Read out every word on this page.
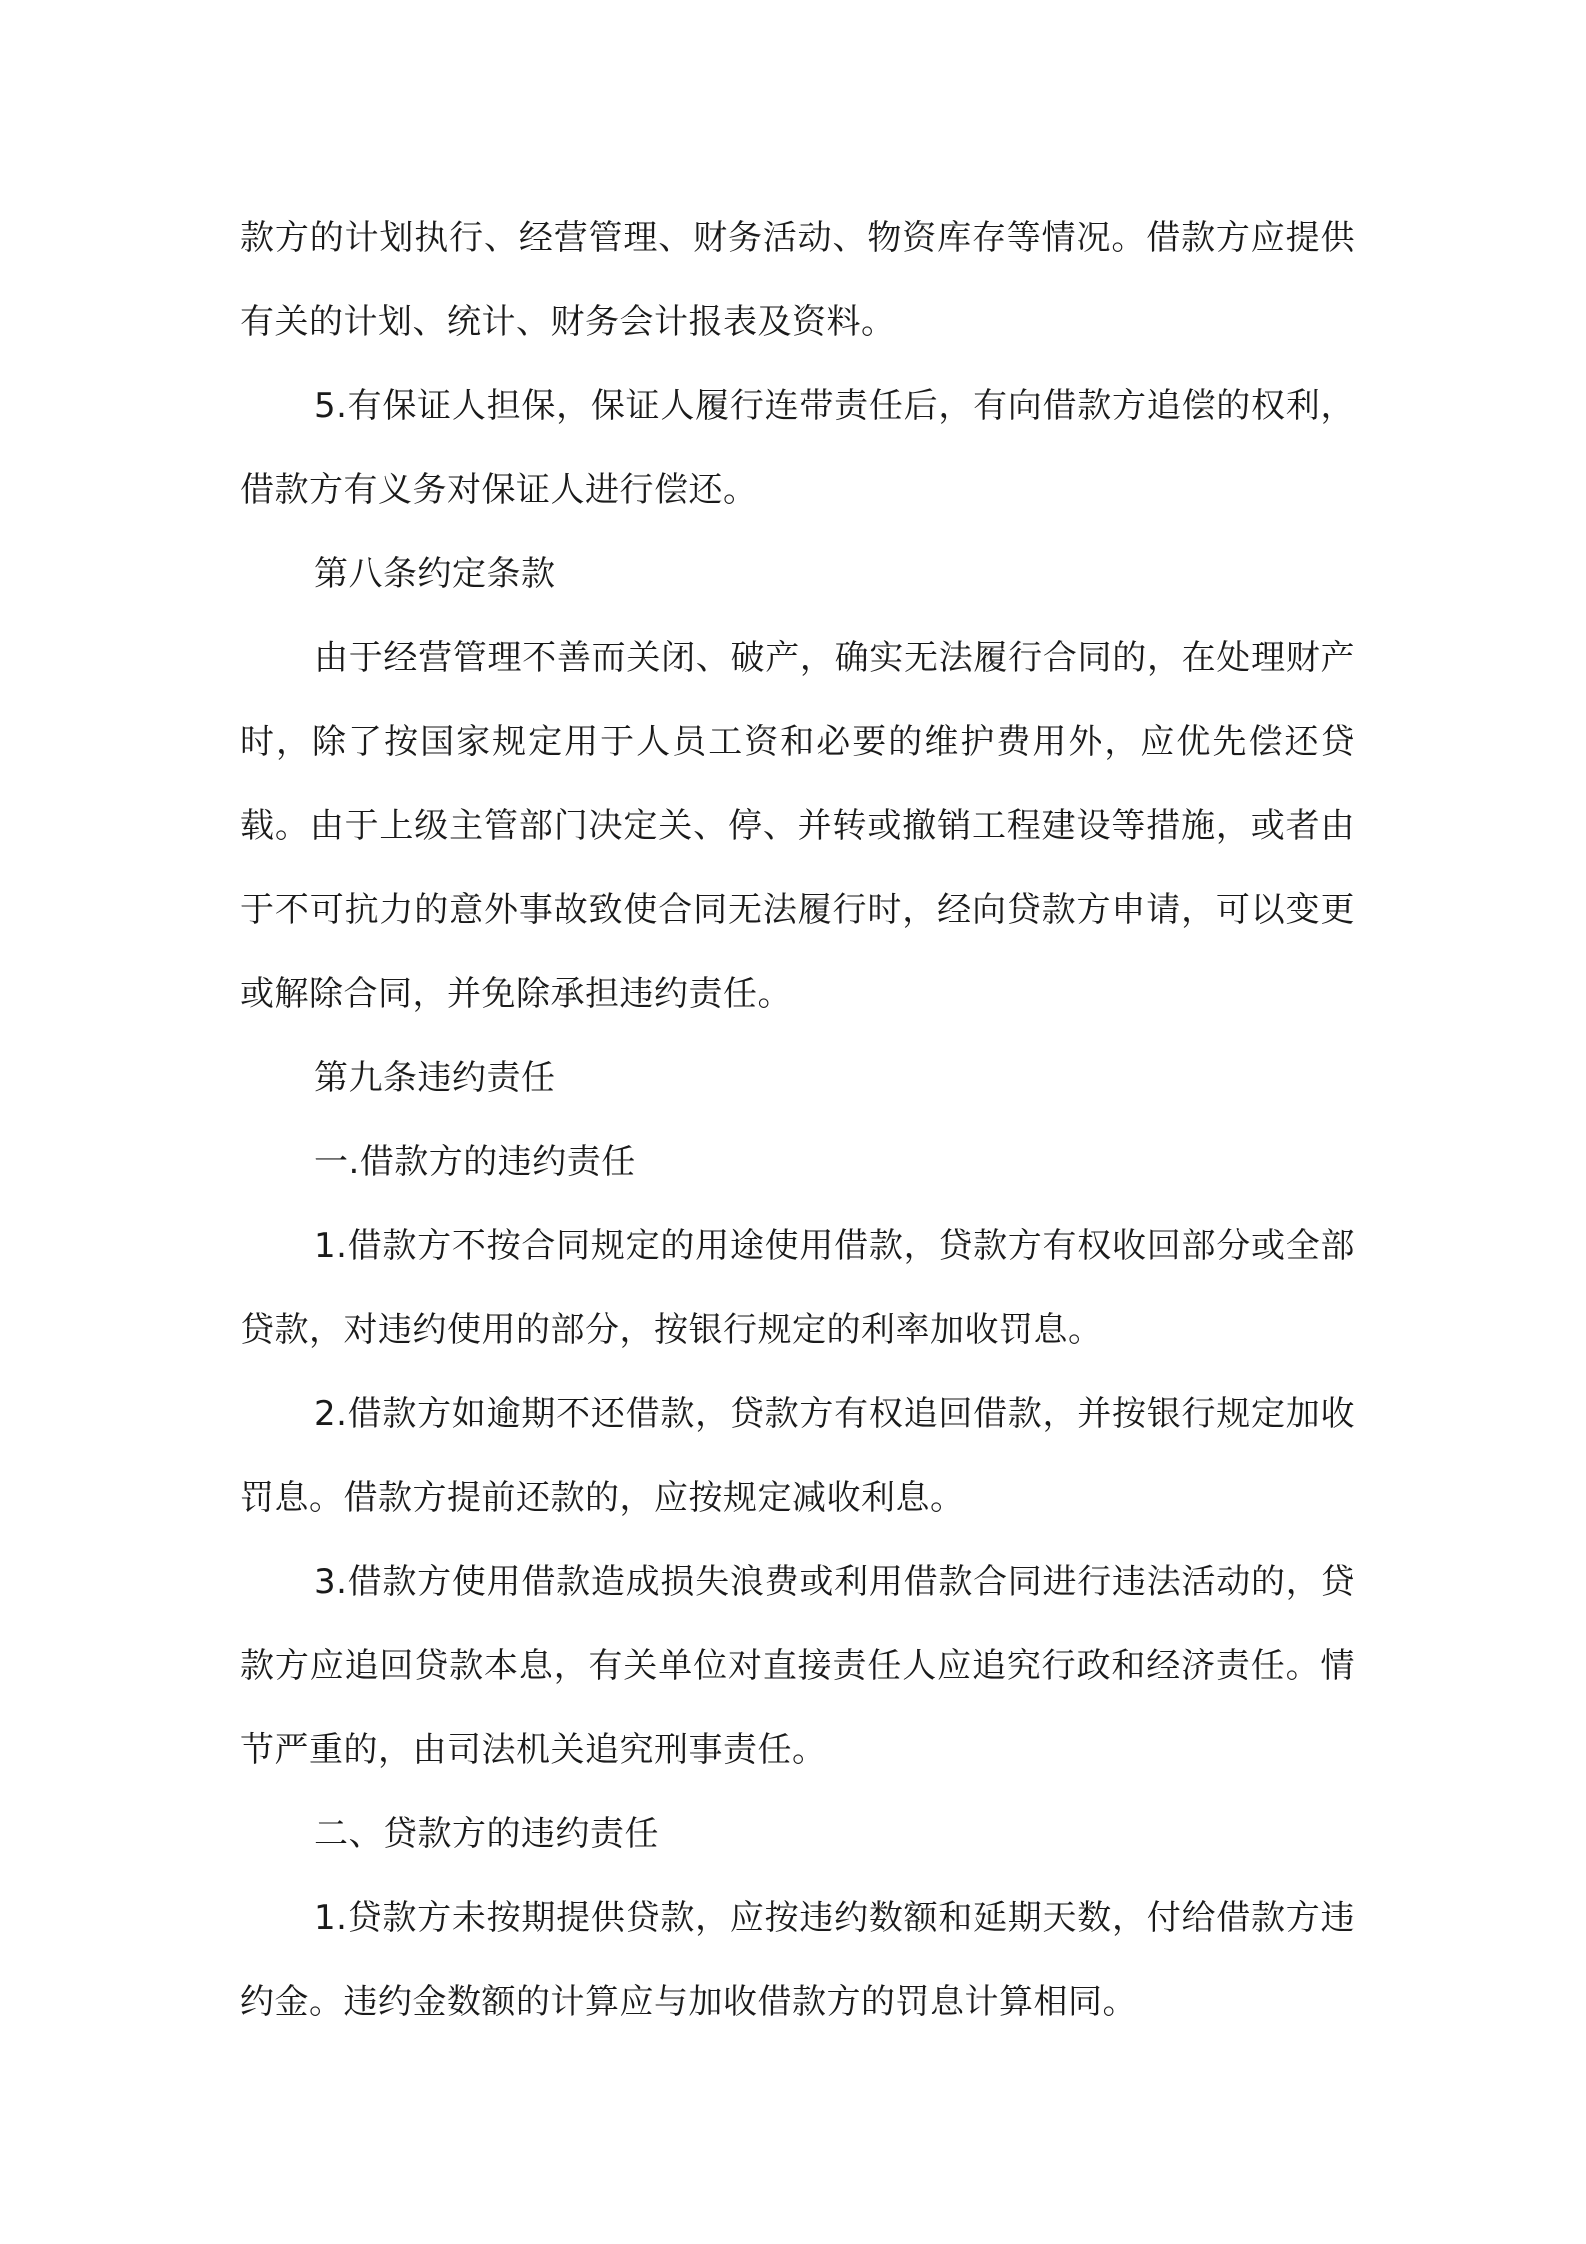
款方的计划执行、经营管理、财务活动、物资库存等情况。借款方应提供有关的计划、统计、财务会计报表及资料。

5.有保证人担保，保证人履行连带责任后，有向借款方追偿的权利，借款方有义务对保证人进行偿还。

第八条约定条款

由于经营管理不善而关闭、破产，确实无法履行合同的，在处理财产时，除了按国家规定用于人员工资和必要的维护费用外，应优先偿还贷载。由于上级主管部门决定关、停、并转或撤销工程建设等措施，或者由于不可抗力的意外事故致使合同无法履行时，经向贷款方申请，可以变更或解除合同，并免除承担违约责任。

第九条违约责任

一.借款方的违约责任

1.借款方不按合同规定的用途使用借款，贷款方有权收回部分或全部贷款，对违约使用的部分，按银行规定的利率加收罚息。

2.借款方如逾期不还借款，贷款方有权追回借款，并按银行规定加收罚息。借款方提前还款的，应按规定减收利息。

3.借款方使用借款造成损失浪费或利用借款合同进行违法活动的，贷款方应追回贷款本息，有关单位对直接责任人应追究行政和经济责任。情节严重的，由司法机关追究刑事责任。

二、贷款方的违约责任

1.贷款方未按期提供贷款，应按违约数额和延期天数，付给借款方违约金。违约金数额的计算应与加收借款方的罚息计算相同。
